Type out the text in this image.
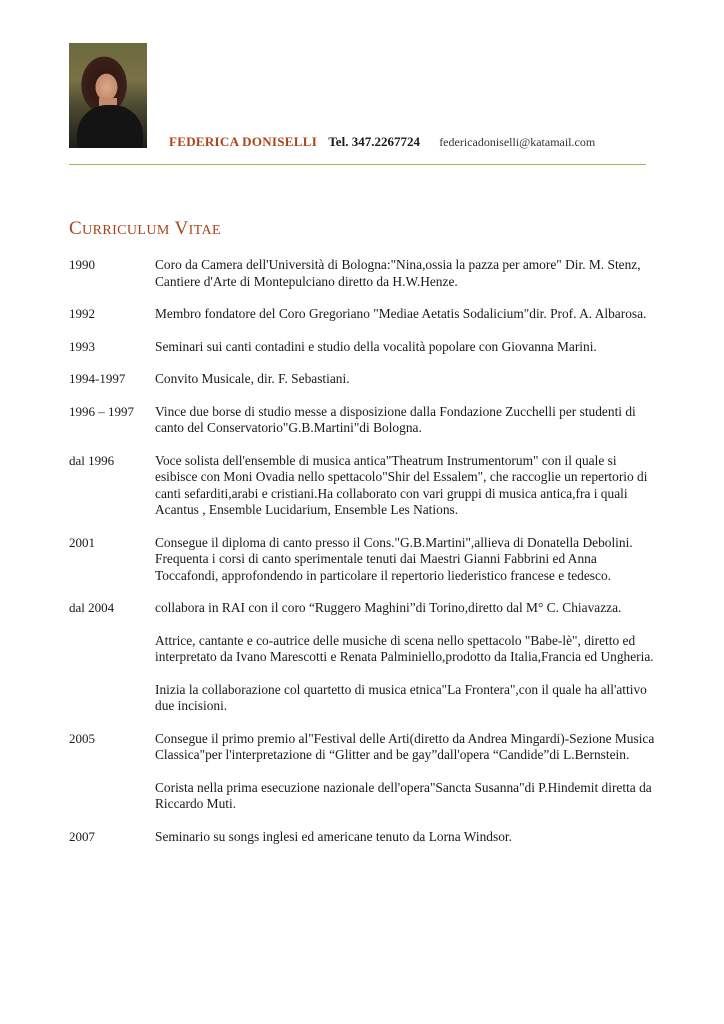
FEDERICA DONISELLI Tel. 347.2267724 federicadoniselli@katamail.com
CURRICULUM VITAE
1990	Coro da Camera dell'Università di Bologna:"Nina,ossia la pazza per amore" Dir. M. Stenz,
Cantiere d'Arte di Montepulciano diretto da H.W.Henze.
1992	Membro fondatore del Coro Gregoriano "Mediae Aetatis Sodalicium"dir. Prof. A. Albarosa.
1993	Seminari sui canti contadini e studio della vocalità popolare con Giovanna Marini.
1994-1997	Convito Musicale, dir. F. Sebastiani.
1996 – 1997	Vince due borse di studio messe a disposizione dalla Fondazione Zucchelli per studenti di canto del Conservatorio"G.B.Martini"di Bologna.
dal 1996	Voce solista dell'ensemble di musica antica"Theatrum Instrumentorum" con il quale si esibisce con Moni Ovadia nello spettacolo"Shir del Essalem", che raccoglie un repertorio di canti sefarditi,arabi e cristiani.Ha collaborato con vari gruppi di musica antica,fra i quali Acantus , Ensemble Lucidarium, Ensemble Les Nations.
2001	Consegue il diploma di canto presso il Cons."G.B.Martini",allieva di Donatella Debolini. Frequenta i corsi di canto sperimentale tenuti dai Maestri Gianni Fabbrini ed Anna Toccafondi, approfondendo in particolare il repertorio liederistico francese e tedesco.
dal 2004	collabora in RAI con il coro “Ruggero Maghini”di Torino,diretto dal M° C. Chiavazza.
Attrice, cantante e co-autrice delle musiche di scena nello spettacolo "Babe-lè", diretto ed interpretato da Ivano Marescotti e Renata Palminiello,prodotto da Italia,Francia ed Ungheria.
Inizia la collaborazione col quartetto di musica etnica"La Frontera",con il quale ha all'attivo due incisioni.
2005	Consegue il primo premio al"Festival delle Arti(diretto da Andrea Mingardi)-Sezione Musica Classica"per l'interpretazione di “Glitter and be gay”dall'opera “Candide”di L.Bernstein.
Corista nella prima esecuzione nazionale dell'opera"Sancta Susanna"di P.Hindemit diretta da Riccardo Muti.
2007	Seminario su songs inglesi ed americane tenuto da Lorna Windsor.
